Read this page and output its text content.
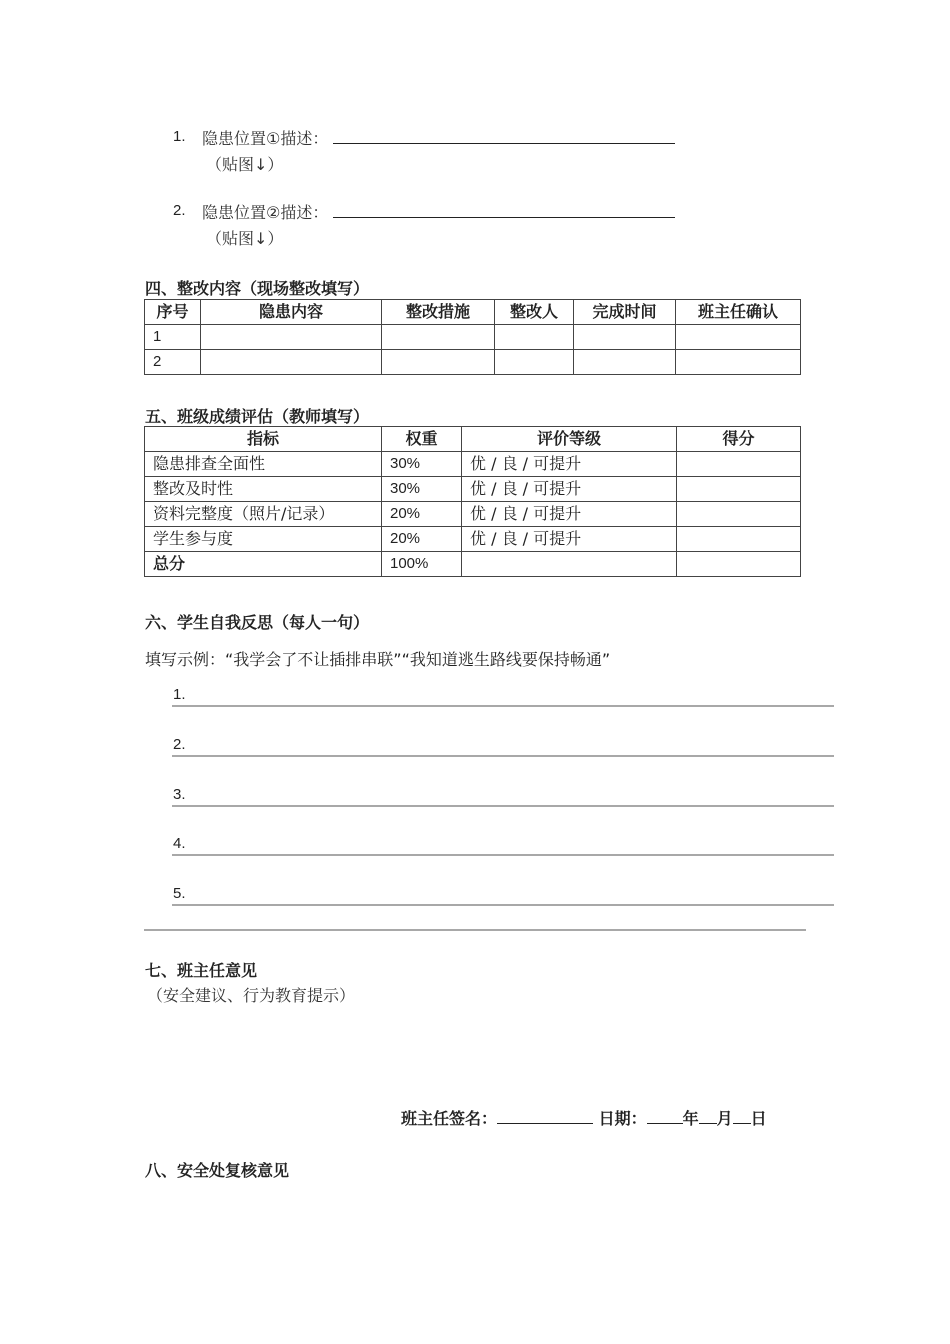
1. 隐患位置①描述：
（贴图↓）
2. 隐患位置②描述：
（贴图↓）
四、整改内容（现场整改填写）
序号	隐患内容	整改措施	整改人	完成时间	班主任确认
1					
2					
五、班级成绩评估（教师填写）
指标	权重	评价等级	得分
隐患排查全面性	30%	优 / 良 / 可提升	
整改及时性	30%	优 / 良 / 可提升	
资料完整度（照片/记录）	20%	优 / 良 / 可提升	
学生参与度	20%	优 / 良 / 可提升	
总分	100%		
六、学生自我反思（每人一句）
填写示例：“我学会了不让插排串联”“我知道逃生路线要保持畅通”
1.
2.
3.
4.
5.
七、班主任意见
（安全建议、行为教育提示）
班主任签名：	日期： 年 月 日
八、安全处复核意见
